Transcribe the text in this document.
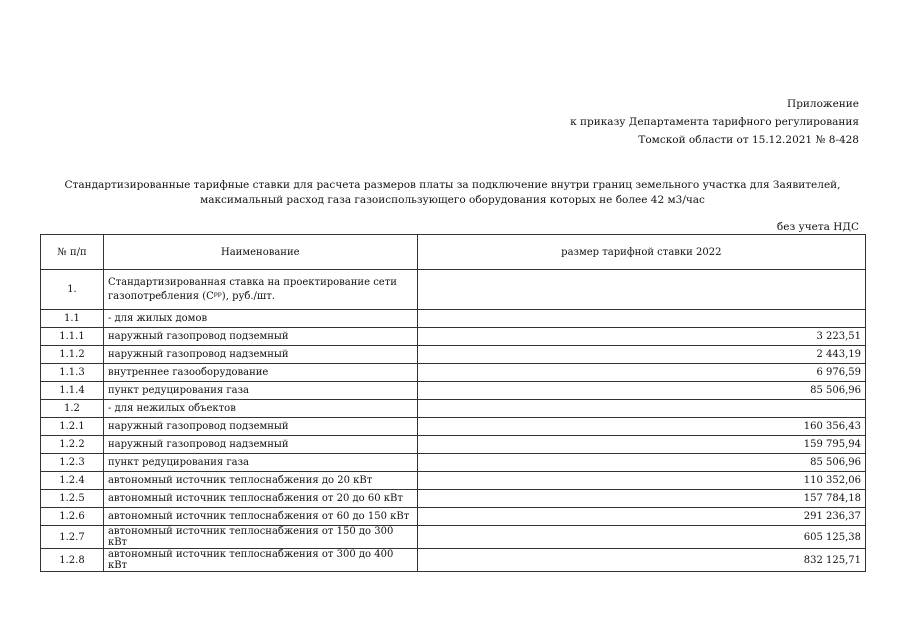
Приложение
к приказу Департамента тарифного регулирования
Томской области от 15.12.2021 № 8-428
Стандартизированные тарифные ставки для расчета размеров платы за подключение внутри границ земельного участка для Заявителей,
максимальный расход газа газоиспользующего оборудования которых не более 42 м3/час
без учета НДС
№ п/п	Наименование	размер тарифной ставки 2022
1.	Стандартизированная ставка на проектирование сети
газопотребления (Сᵖᵖ), руб./шт.	

1.1	- для жилых домов	
1.1.1	наружный газопровод подземный	3 223,51
1.1.2	наружный газопровод надземный	2 443,19
1.1.3	внутреннее газооборудование	6 976,59
1.1.4	пункт редуцирования газа	85 506,96
1.2	- для нежилых объектов	
1.2.1	наружный газопровод подземный	160 356,43
1.2.2	наружный газопровод надземный	159 795,94
1.2.3	пункт редуцирования газа	85 506,96
1.2.4	автономный источник теплоснабжения до 20 кВт	110 352,06
1.2.5	автономный источник теплоснабжения от 20 до 60 кВт	157 784,18
1.2.6	автономный источник теплоснабжения от 60 до 150 кВт	291 236,37
1.2.7	автономный источник теплоснабжения от 150 до 300 кВт	605 125,38
1.2.8	автономный источник теплоснабжения от 300 до 400 кВт	832 125,71
